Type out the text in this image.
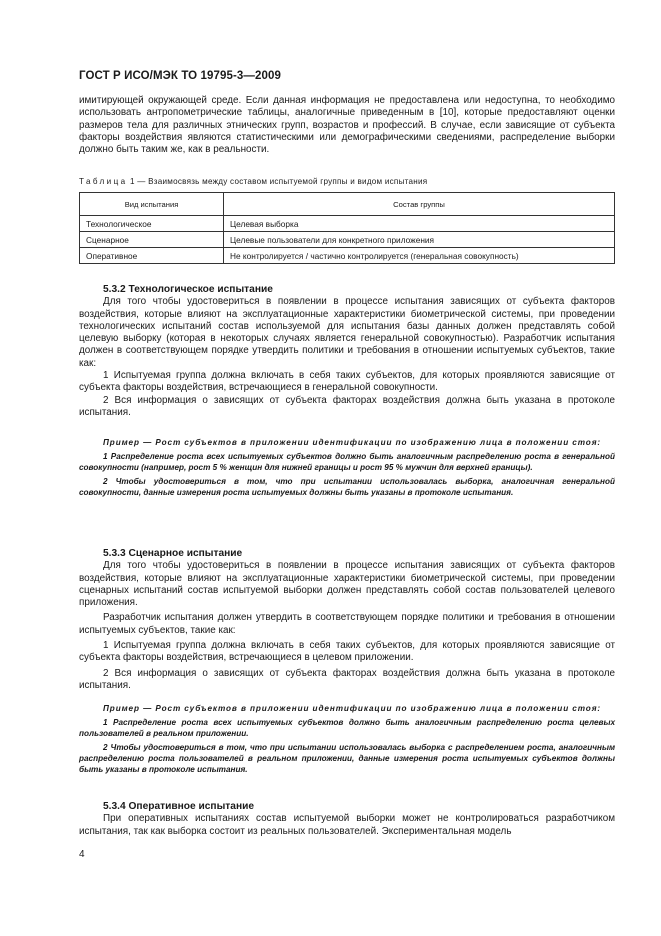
ГОСТ Р ИСО/МЭК ТО 19795-3—2009

имитирующей окружающей среде. Если данная информация не предоставлена или недоступна, то необходимо использовать антропометрические таблицы, аналогичные приведенным в [10], которые предоставляют оценки размеров тела для различных этнических групп, возрастов и профессий. В случае, если зависящие от субъекта факторы воздействия являются статистическими или демографическими сведениями, распределение выборки должно быть таким же, как в реальности.

Таблица 1 — Взаимосвязь между составом испытуемой группы и видом испытания
Вид испытания	Состав группы
Технологическое	Целевая выборка
Сценарное	Целевые пользователи для конкретного приложения
Оперативное	Не контролируется / частично контролируется (генеральная совокупность)

5.3.2 Технологическое испытание

Для того чтобы удостовериться в появлении в процессе испытания зависящих от субъекта факторов воздействия, которые влияют на эксплуатационные характеристики биометрической системы, при проведении технологических испытаний состав используемой для испытания базы данных должен представлять собой целевую выборку (которая в некоторых случаях является генеральной совокупностью). Разработчик испытания должен в соответствующем порядке утвердить политики и требования в отношении испытуемых субъектов, такие как:

1 Испытуемая группа должна включать в себя таких субъектов, для которых проявляются зависящие от субъекта факторы воздействия, встречающиеся в генеральной совокупности.

2 Вся информация о зависящих от субъекта факторах воздействия должна быть указана в протоколе испытания.

Пример — Рост субъектов в приложении идентификации по изображению лица в положении стоя:

1 Распределение роста всех испытуемых субъектов должно быть аналогичным распределению роста в генеральной совокупности (например, рост 5 % женщин для нижней границы и рост 95 % мужчин для верхней границы).

2 Чтобы удостовериться в том, что при испытании использовалась выборка, аналогичная генеральной совокупности, данные измерения роста испытуемых должны быть указаны в протоколе испытания.

5.3.3 Сценарное испытание

Для того чтобы удостовериться в появлении в процессе испытания зависящих от субъекта факторов воздействия, которые влияют на эксплуатационные характеристики биометрической системы, при проведении сценарных испытаний состав испытуемой выборки должен представлять собой состав пользователей целевого приложения.

Разработчик испытания должен утвердить в соответствующем порядке политики и требования в отношении испытуемых субъектов, такие как:

1 Испытуемая группа должна включать в себя таких субъектов, для которых проявляются зависящие от субъекта факторы воздействия, встречающиеся в целевом приложении.

2 Вся информация о зависящих от субъекта факторах воздействия должна быть указана в протоколе испытания.

Пример — Рост субъектов в приложении идентификации по изображению лица в положении стоя:

1 Распределение роста всех испытуемых субъектов должно быть аналогичным распределению роста целевых пользователей в реальном приложении.

2 Чтобы удостовериться в том, что при испытании использовалась выборка с распределением роста, аналогичным распределению роста пользователей в реальном приложении, данные измерения роста испытуемых субъектов должны быть указаны в протоколе испытания.

5.3.4 Оперативное испытание

При оперативных испытаниях состав испытуемой выборки может не контролироваться разработчиком испытания, так как выборка состоит из реальных пользователей. Экспериментальная модель

4
